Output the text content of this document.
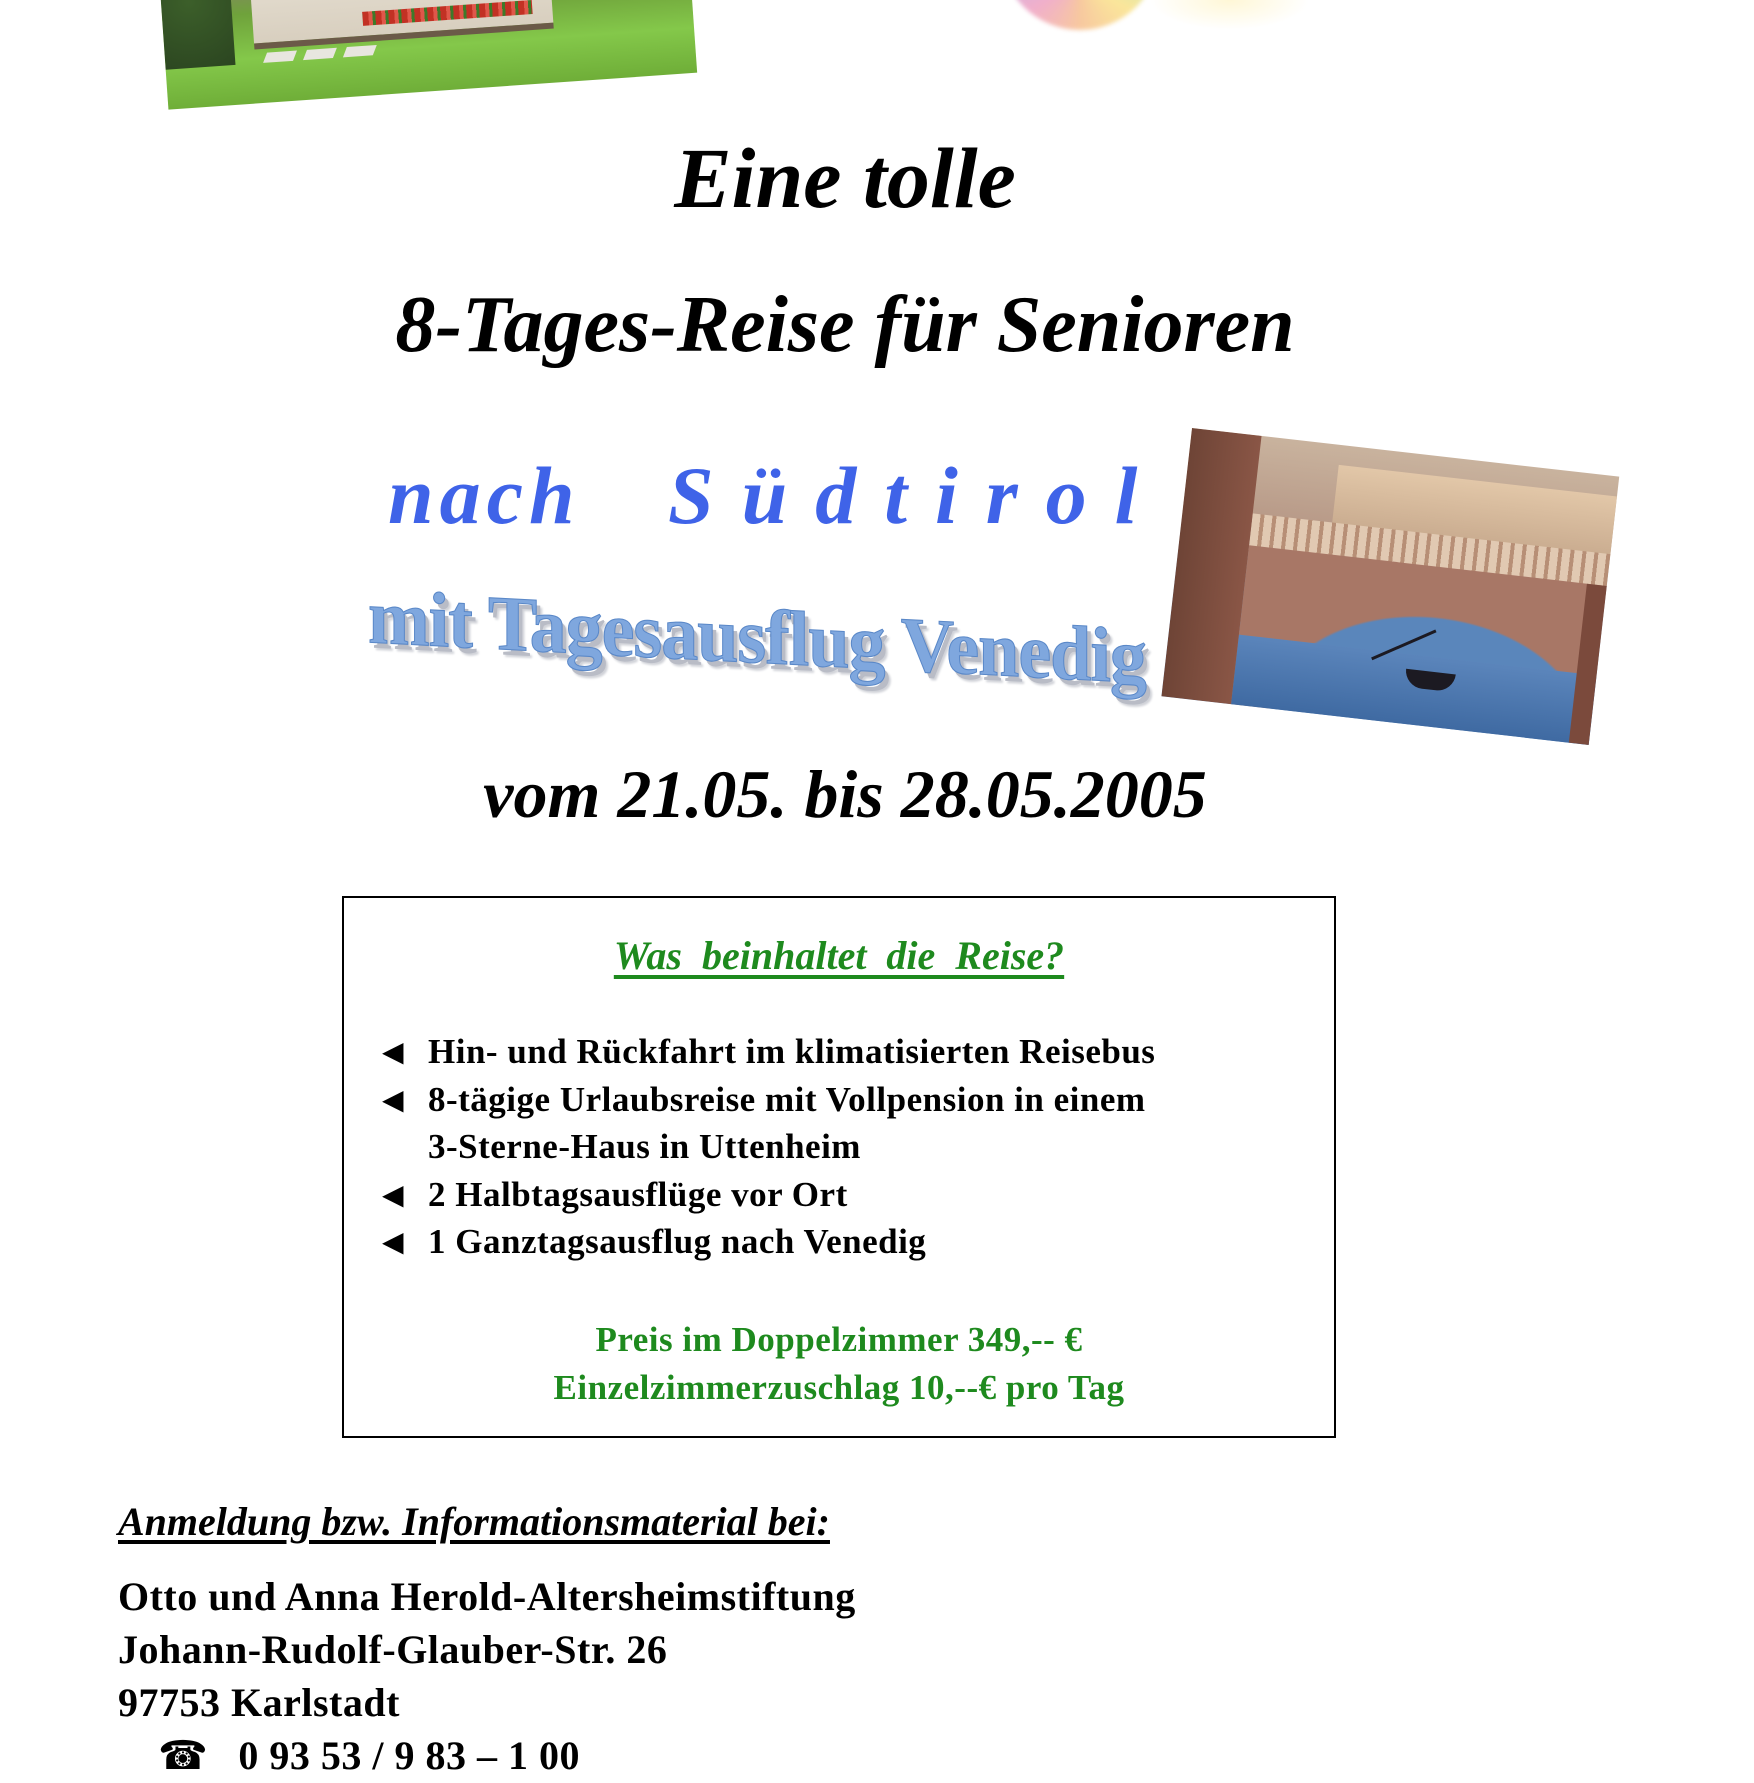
Eine tolle
8-Tages-Reise für Senioren
nach Südtirol
mit Tagesausflug Venedig
vom 21.05. bis 28.05.2005
Was beinhaltet die Reise?
◀ Hin- und Rückfahrt im klimatisierten Reisebus
◀ 8-tägige Urlaubsreise mit Vollpension in einem
3-Sterne-Haus in Uttenheim
◀ 2 Halbtagsausflüge vor Ort
◀ 1 Ganztagsausflug nach Venedig
Preis im Doppelzimmer 349,-- €
Einzelzimmerzuschlag 10,--€ pro Tag
Anmeldung bzw. Informationsmaterial bei:
Otto und Anna Herold-Altersheimstiftung
Johann-Rudolf-Glauber-Str. 26
97753 Karlstadt
☎ 0 93 53 / 9 83 – 1 00
